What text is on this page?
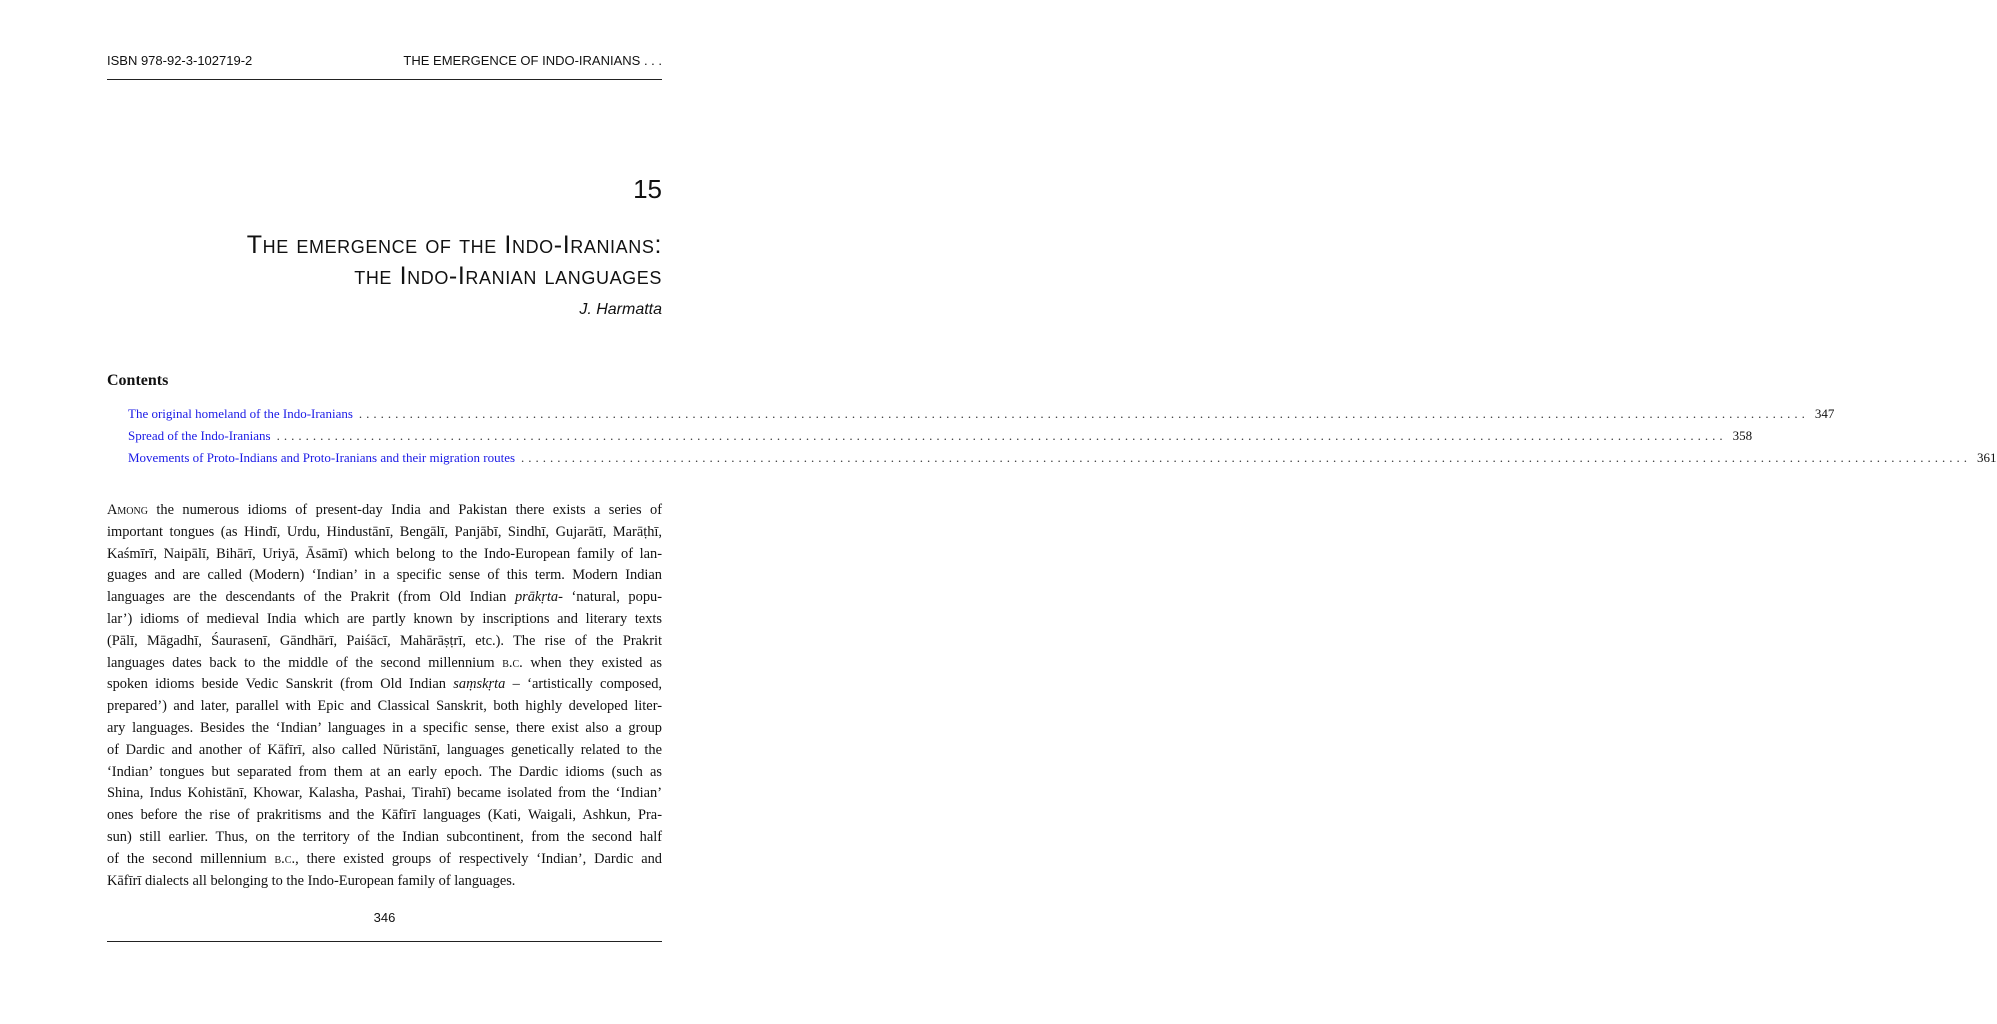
ISBN 978-92-3-102719-2	THE EMERGENCE OF INDO-IRANIANS . . .
15
The emergence of the Indo-Iranians:
the Indo-Iranian languages
J. Harmatta
Contents
The original homeland of the Indo-Iranians ........................................................................................................................................................................................................ 347
Spread of the Indo-Iranians ........................................................................................................................................................................................................ 358
Movements of Proto-Indians and Proto-Iranians and their migration routes ........................................................................................................................................................................................................ 361
Among the numerous idioms of present-day India and Pakistan there exists a series of
important tongues (as Hindī, Urdu, Hindustānī, Bengālī, Panjābī, Sindhī, Gujarātī, Marāṭhī,
Kaśmīrī, Naipālī, Bihārī, Uriyā, Āsāmī) which belong to the Indo-European family of lan-
guages and are called (Modern) ‘Indian’ in a specific sense of this term. Modern Indian
languages are the descendants of the Prakrit (from Old Indian prākṛta- ‘natural, popu-
lar’) idioms of medieval India which are partly known by inscriptions and literary texts
(Pālī, Māgadhī, Śaurasenī, Gāndhārī, Paiśācī, Mahārāṣṭrī, etc.). The rise of the Prakrit
languages dates back to the middle of the second millennium b.c. when they existed as
spoken idioms beside Vedic Sanskrit (from Old Indian saṃskṛta – ‘artistically composed,
prepared’) and later, parallel with Epic and Classical Sanskrit, both highly developed liter-
ary languages. Besides the ‘Indian’ languages in a specific sense, there exist also a group
of Dardic and another of Kāfīrī, also called Nūristānī, languages genetically related to the
‘Indian’ tongues but separated from them at an early epoch. The Dardic idioms (such as
Shina, Indus Kohistānī, Khowar, Kalasha, Pashai, Tirahī) became isolated from the ‘Indian’
ones before the rise of prakritisms and the Kāfīrī languages (Kati, Waigali, Ashkun, Pra-
sun) still earlier. Thus, on the territory of the Indian subcontinent, from the second half
of the second millennium b.c., there existed groups of respectively ‘Indian’, Dardic and
Kāfīrī dialects all belonging to the Indo-European family of languages.
346
